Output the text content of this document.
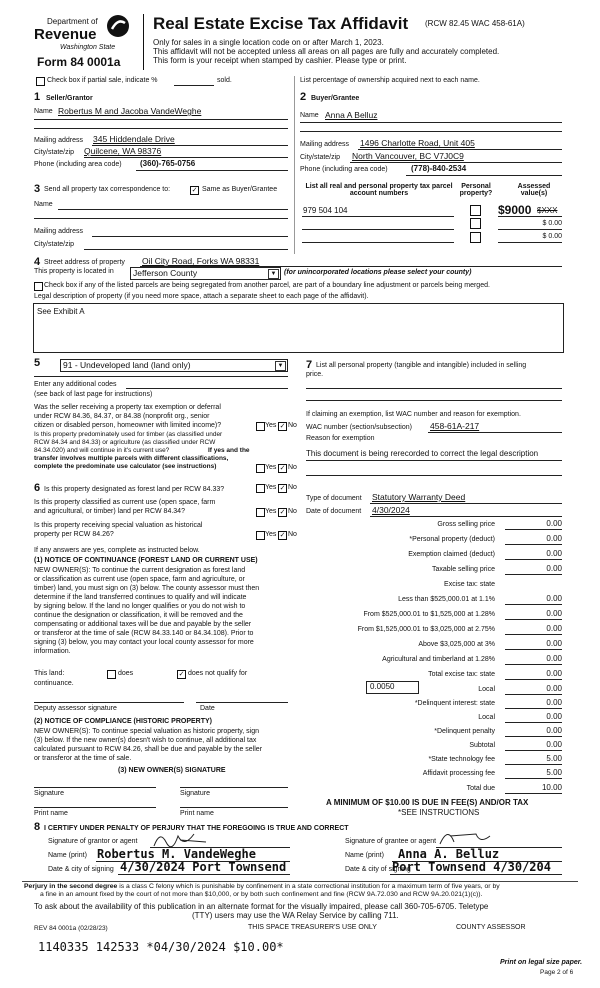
Department of
Revenue
Washington State
Form 84 0001a
Real Estate Excise Tax Affidavit (RCW 82.45 WAC 458-61A)
Only for sales in a single location code on or after March 1, 2023.
This affidavit will not be accepted unless all areas on all pages are fully and accurately completed.
This form is your receipt when stamped by cashier. Please type or print.
Check box if partial sale, indicate %	sold.	List percentage of ownership acquired next to each name.
1 Seller/Grantor
Name Robertus M and Jacoba VandeWeghe
Mailing address 345 Hiddendale Drive
City/state/zip Quilcene, WA 98376
Phone (including area code) (360)-765-0756
2 Buyer/Grantee
Name Anna A Belluz
Mailing address 1496 Charlotte Road, Unit 405
City/state/zip North Vancouver, BC V7J0C9
Phone (including area code)	(778)-840-2534
3 Send all property tax correspondence to:	✓ Same as Buyer/Grantee
Name
Mailing address
City/state/zip
List all real and personal property tax parcel account numbers
Personal property?
Assessed value(s)
979 504 104	$9000 $XXX
$ 0.00
$ 0.00
4 Street address of property Oil City Road, Forks WA 98331
This property is located in	Jefferson County	▼	(for unincorporated locations please select your county)
Check box if any of the listed parcels are being segregated from another parcel, are part of a boundary line adjustment or parcels being merged.
Legal description of property (if you need more space, attach a separate sheet to each page of the affidavit).
See Exhibit A
5	91 - Undeveloped land (land only)	▼
Enter any additional codes
(see back of last page for instructions)
Was the seller receiving a property tax exemption or deferral
under RCW 84.36, 84.37, or 84.38 (nonprofit org., senior
citizen or disabled person, homeowner with limited income)?	Yes ✓ No
Is this property predominately used for timber (as classified under
RCW 84.34 and 84.33) or agriculture (as classified under RCW
84.34.020) and will continue in it's current use?	If yes and the
transfer involves multiple parcels with different classifications,
complete the predominate use calculator (see instructions)	Yes ✓ No
6 Is this property designated as forest land per RCW 84.33?	Yes ✓ No
Is this property classified as current use (open space, farm
and agricultural, or timber) land per RCW 84.34?	Yes ✓ No
Is this property receiving special valuation as historical
property per RCW 84.26?	Yes ✓ No
If any answers are yes, complete as instructed below.
(1) NOTICE OF CONTINUANCE (FOREST LAND OR CURRENT USE)
NEW OWNER(S): To continue the current designation as forest land
or classification as current use (open space, farm and agriculture, or
timber) land, you must sign on (3) below. The county assessor must then
determine if the land transferred continues to qualify and will indicate
by signing below. If the land no longer qualifies or you do not wish to
continue the designation or classification, it will be removed and the
compensating or additional taxes will be due and payable by the seller
or transferor at the time of sale (RCW 84.33.140 or 84.34.108). Prior to
signing (3) below, you may contact your local county assessor for more
information.
This land:	does	✓ does not qualify for
continuance.
Deputy assessor signature	Date
(2) NOTICE OF COMPLIANCE (HISTORIC PROPERTY)
NEW OWNER(S): To continue special valuation as historic property, sign
(3) below. If the new owner(s) doesn't wish to continue, all additional tax
calculated pursuant to RCW 84.26, shall be due and payable by the seller
or transferor at the time of sale.
(3) NEW OWNER(S) SIGNATURE
Signature	Signature
Print name	Print name
7 List all personal property (tangible and intangible) included in selling
price.
If claiming an exemption, list WAC number and reason for exemption.
WAC number (section/subsection) 458-61A-217
Reason for exemption
This document is being rerecorded to correct the legal description
Type of document Statutory Warranty Deed
Date of document 4/30/2024
Gross selling price	0.00
*Personal property (deduct)	0.00
Exemption claimed (deduct)	0.00
Taxable selling price	0.00
Excise tax: state
Less than $525,000.01 at 1.1%	0.00
From $525,000.01 to $1,525,000 at 1.28%	0.00
From $1,525,000.01 to $3,025,000 at 2.75%	0.00
Above $3,025,000 at 3%	0.00
Agricultural and timberland at 1.28%	0.00
Total excise tax: state	0.00
Local	0.00
*Delinquent interest: state	0.00
Local	0.00
*Delinquent penalty	0.00
Subtotal	0.00
*State technology fee	5.00
Affidavit processing fee	5.00
Total due	10.00
0.0050
A MINIMUM OF $10.00 IS DUE IN FEE(S) AND/OR TAX
*SEE INSTRUCTIONS
8 I CERTIFY UNDER PENALTY OF PERJURY THAT THE FOREGOING IS TRUE AND CORRECT
Signature of grantor or agent
Name (print) Robertus M. VandeWeghe
Date & city of signing 4/30/2024 Port Townsend
Signature of grantee or agent
Name (print) Anna A. Belluz
Date & city of signing
Port Townsend 4/30/204
Perjury in the second degree is a class C felony which is punishable by confinement in a state correctional institution for a maximum term of five years, or by
a fine in an amount fixed by the court of not more than $10,000, or by both such confinement and fine (RCW 9A.72.030 and RCW 9A.20.021(1)(c)).
To ask about the availability of this publication in an alternate format for the visually impaired, please call 360-705-6705. Teletype
(TTY) users may use the WA Relay Service by calling 711.
REV 84 0001a (02/28/23)	THIS SPACE TREASURER'S USE ONLY	COUNTY ASSESSOR
1140335 142533 *04/30/2024 $10.00*
Print on legal size paper.
Page 2 of 6
